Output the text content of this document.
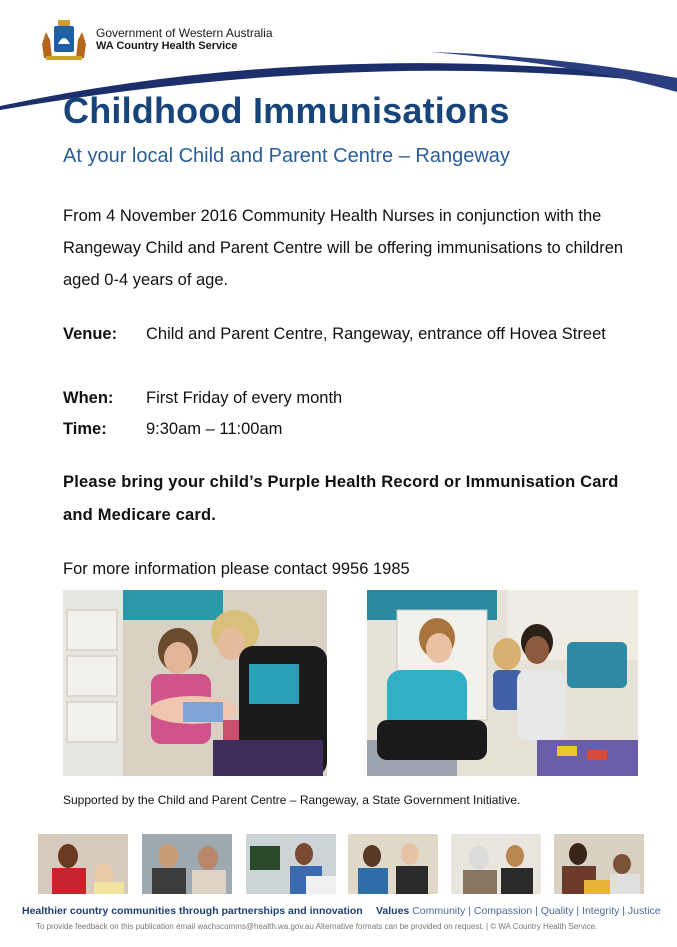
Government of Western Australia
WA Country Health Service
Childhood Immunisations
At your local Child and Parent Centre – Rangeway
From 4 November 2016 Community Health Nurses in conjunction with the Rangeway Child and Parent Centre will be offering immunisations to children aged 0-4 years of age.
Venue: Child and Parent Centre, Rangeway, entrance off Hovea Street
When: First Friday of every month
Time: 9:30am – 11:00am
Please bring your child’s Purple Health Record or Immunisation Card and Medicare card.
For more information please contact 9956 1985
Supported by the Child and Parent Centre – Rangeway, a State Government Initiative.
Healthier country communities through partnerships and innovation Values Community | Compassion | Quality | Integrity | Justice
To provide feedback on this publication email wachscomms@health.wa.gov.au Alternative formats can be provided on request. | © WA Country Health Service.
